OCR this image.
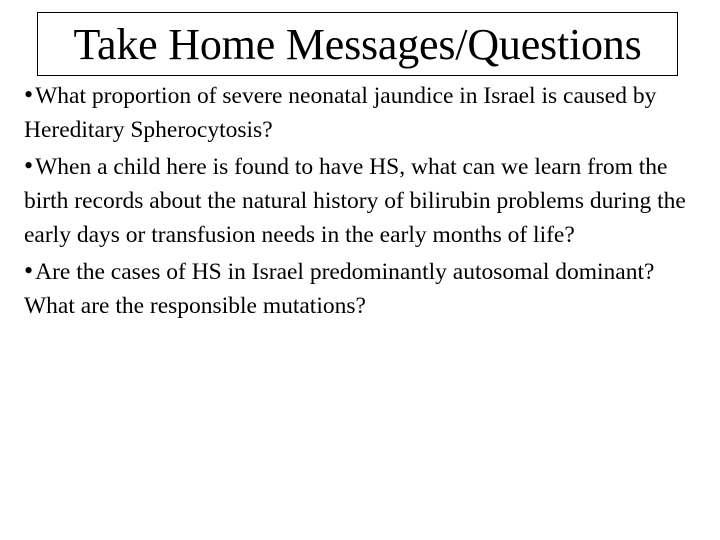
Take Home Messages/Questions
•What proportion of severe neonatal jaundice in Israel is caused by Hereditary Spherocytosis?
•When a child here is found to have HS, what can we learn from the birth records about the natural history of bilirubin problems during the early days or transfusion needs in the early months of life?
•Are the cases of HS in Israel predominantly autosomal dominant? What are the responsible mutations?
